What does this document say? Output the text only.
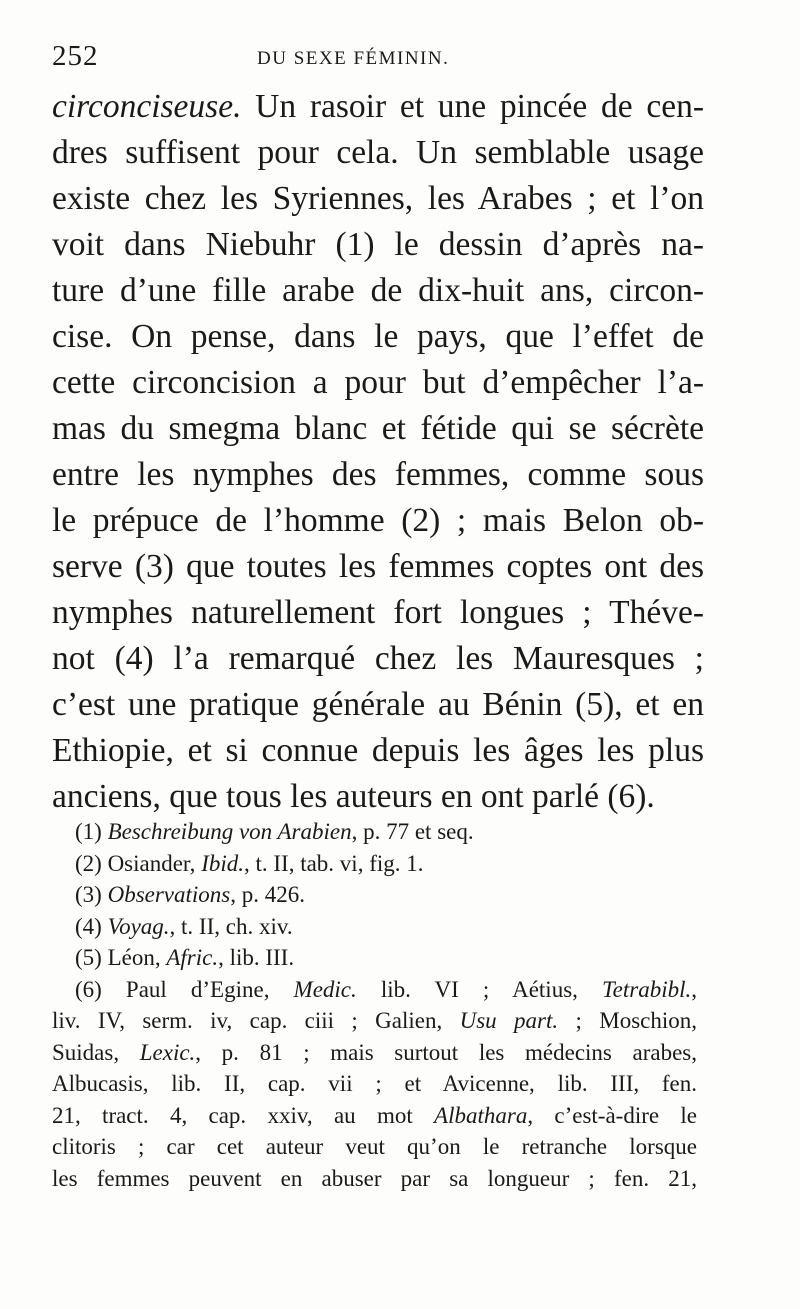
252	DU SEXE FÉMININ.
circonciseuse. Un rasoir et une pincée de cen-
dres suffisent pour cela. Un semblable usage
existe chez les Syriennes, les Arabes ; et l’on
voit dans Niebuhr (1) le dessin d’après na-
ture d’une fille arabe de dix-huit ans, circon-
cise. On pense, dans le pays, que l’effet de
cette circoncision a pour but d’empêcher l’a-
mas du smegma blanc et fétide qui se sécrète
entre les nymphes des femmes, comme sous
le prépuce de l’homme (2) ; mais Belon ob-
serve (3) que toutes les femmes coptes ont des
nymphes naturellement fort longues ; Théve-
not (4) l’a remarqué chez les Mauresques ;
c’est une pratique générale au Bénin (5), et en
Ethiopie, et si connue depuis les âges les plus
anciens, que tous les auteurs en ont parlé (6).
(1) Beschreibung von Arabien, p. 77 et seq.
(2) Osiander, Ibid., t. II, tab. vi, fig. 1.
(3) Observations, p. 426.
(4) Voyag., t. II, ch. xiv.
(5) Léon, Afric., lib. III.
(6) Paul d’Egine, Medic. lib. VI ; Aétius, Tetrabibl.,
liv. IV, serm. iv, cap. ciii ; Galien, Usu part. ; Moschion,
Suidas, Lexic., p. 81 ; mais surtout les médecins arabes,
Albucasis, lib. II, cap. vii ; et Avicenne, lib. III, fen.
21, tract. 4, cap. xxiv, au mot Albathara, c’est-à-dire le
clitoris ; car cet auteur veut qu’on le retranche lorsque
les femmes peuvent en abuser par sa longueur ; fen. 21,
